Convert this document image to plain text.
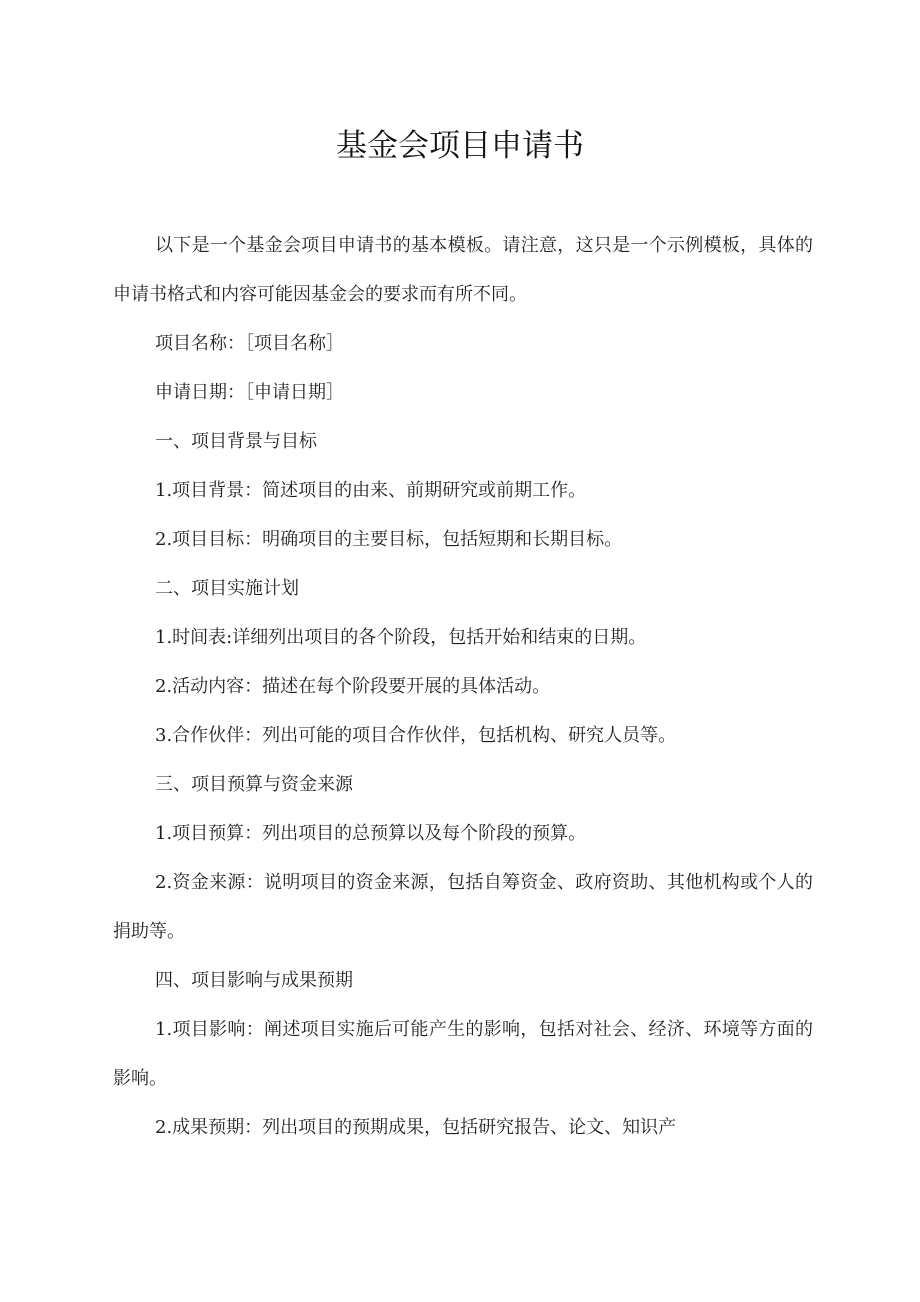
基金会项目申请书

以下是一个基金会项目申请书的基本模板。请注意，这只是一个示例模板，具体的申请书格式和内容可能因基金会的要求而有所不同。

项目名称：［项目名称］

申请日期：［申请日期］

一、项目背景与目标

1.项目背景：简述项目的由来、前期研究或前期工作。

2.项目目标：明确项目的主要目标，包括短期和长期目标。

二、项目实施计划

1.时间表:详细列出项目的各个阶段，包括开始和结束的日期。

2.活动内容：描述在每个阶段要开展的具体活动。

3.合作伙伴：列出可能的项目合作伙伴，包括机构、研究人员等。

三、项目预算与资金来源

1.项目预算：列出项目的总预算以及每个阶段的预算。

2.资金来源：说明项目的资金来源，包括自筹资金、政府资助、其他机构或个人的捐助等。

四、项目影响与成果预期

1.项目影响：阐述项目实施后可能产生的影响，包括对社会、经济、环境等方面的影响。

2.成果预期：列出项目的预期成果，包括研究报告、论文、知识产
